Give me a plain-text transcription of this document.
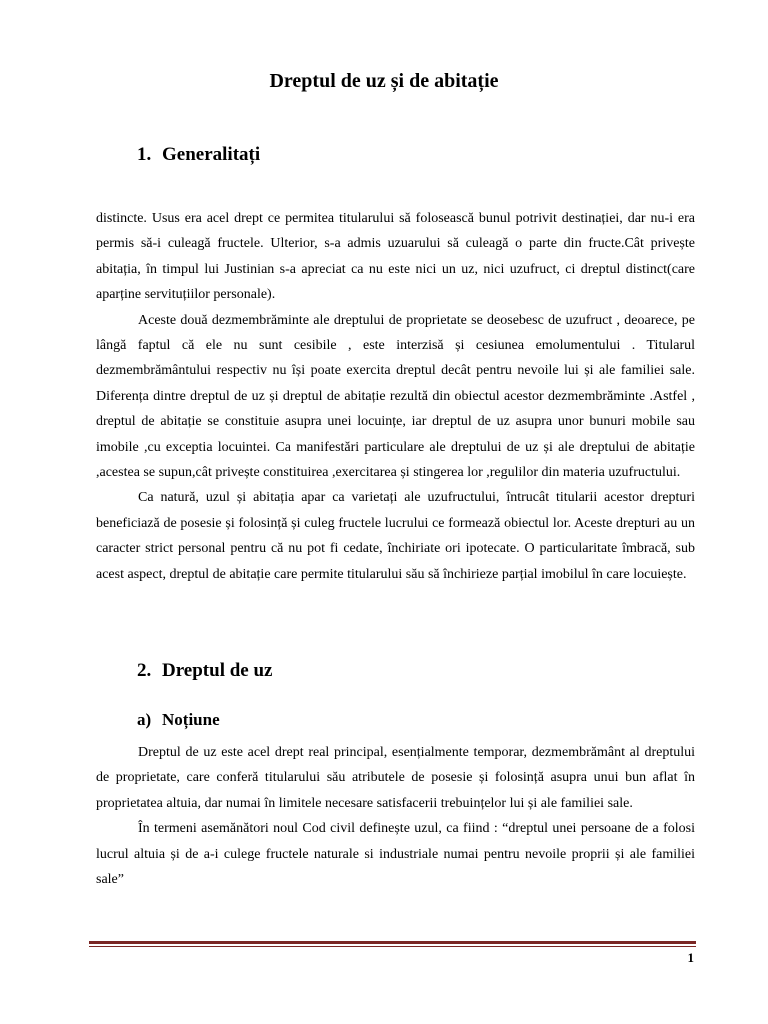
Dreptul de uz și de abitație
1. Generalitați

distincte. Usus era acel drept ce permitea titularului să folosească bunul potrivit destinației, dar nu-i era permis să-i culeagă fructele. Ulterior, s-a admis uzuarului să culeagă o parte din fructe.Cât privește abitația, în timpul lui Justinian s-a apreciat ca nu este nici un uz, nici uzufruct, ci dreptul distinct(care aparține servituțiilor personale).

Aceste două dezmembrăminte ale dreptului de proprietate se deosebesc de uzufruct , deoarece, pe lângă faptul că ele nu sunt cesibile , este interzisă și cesiunea emolumentului . Titularul dezmembrământului respectiv nu își poate exercita dreptul decât pentru nevoile lui și ale familiei sale. Diferența dintre dreptul de uz și dreptul de abitație rezultă din obiectul acestor dezmembrăminte .Astfel , dreptul de abitație se constituie asupra unei locuințe, iar dreptul de uz asupra unor bunuri mobile sau imobile ,cu exceptia locuintei. Ca manifestări particulare ale dreptului de uz și ale dreptului de abitație ,acestea se supun,cât privește constituirea ,exercitarea și stingerea lor ,regulilor din materia uzufructului.

Ca natură, uzul și abitația apar ca varietați ale uzufructului, întrucât titularii acestor drepturi beneficiază de posesie și folosință și culeg fructele lucrului ce formează obiectul lor. Aceste drepturi au un caracter strict personal pentru că nu pot fi cedate, închiriate ori ipotecate. O particularitate îmbracă, sub acest aspect, dreptul de abitație care permite titularului său să închirieze parțial imobilul în care locuiește.

2. Dreptul de uz
a) Noțiune

Dreptul de uz este acel drept real principal, esențialmente temporar, dezmembrământ al dreptului de proprietate, care conferă titularului său atributele de posesie și folosință asupra unui bun aflat în proprietatea altuia, dar numai în limitele necesare satisfacerii trebuințelor lui și ale familiei sale.

În termeni asemănători noul Cod civil definește uzul, ca fiind : “dreptul unei persoane de a folosi lucrul altuia și de a-i culege fructele naturale si industriale numai pentru nevoile proprii și ale familiei sale”

1
